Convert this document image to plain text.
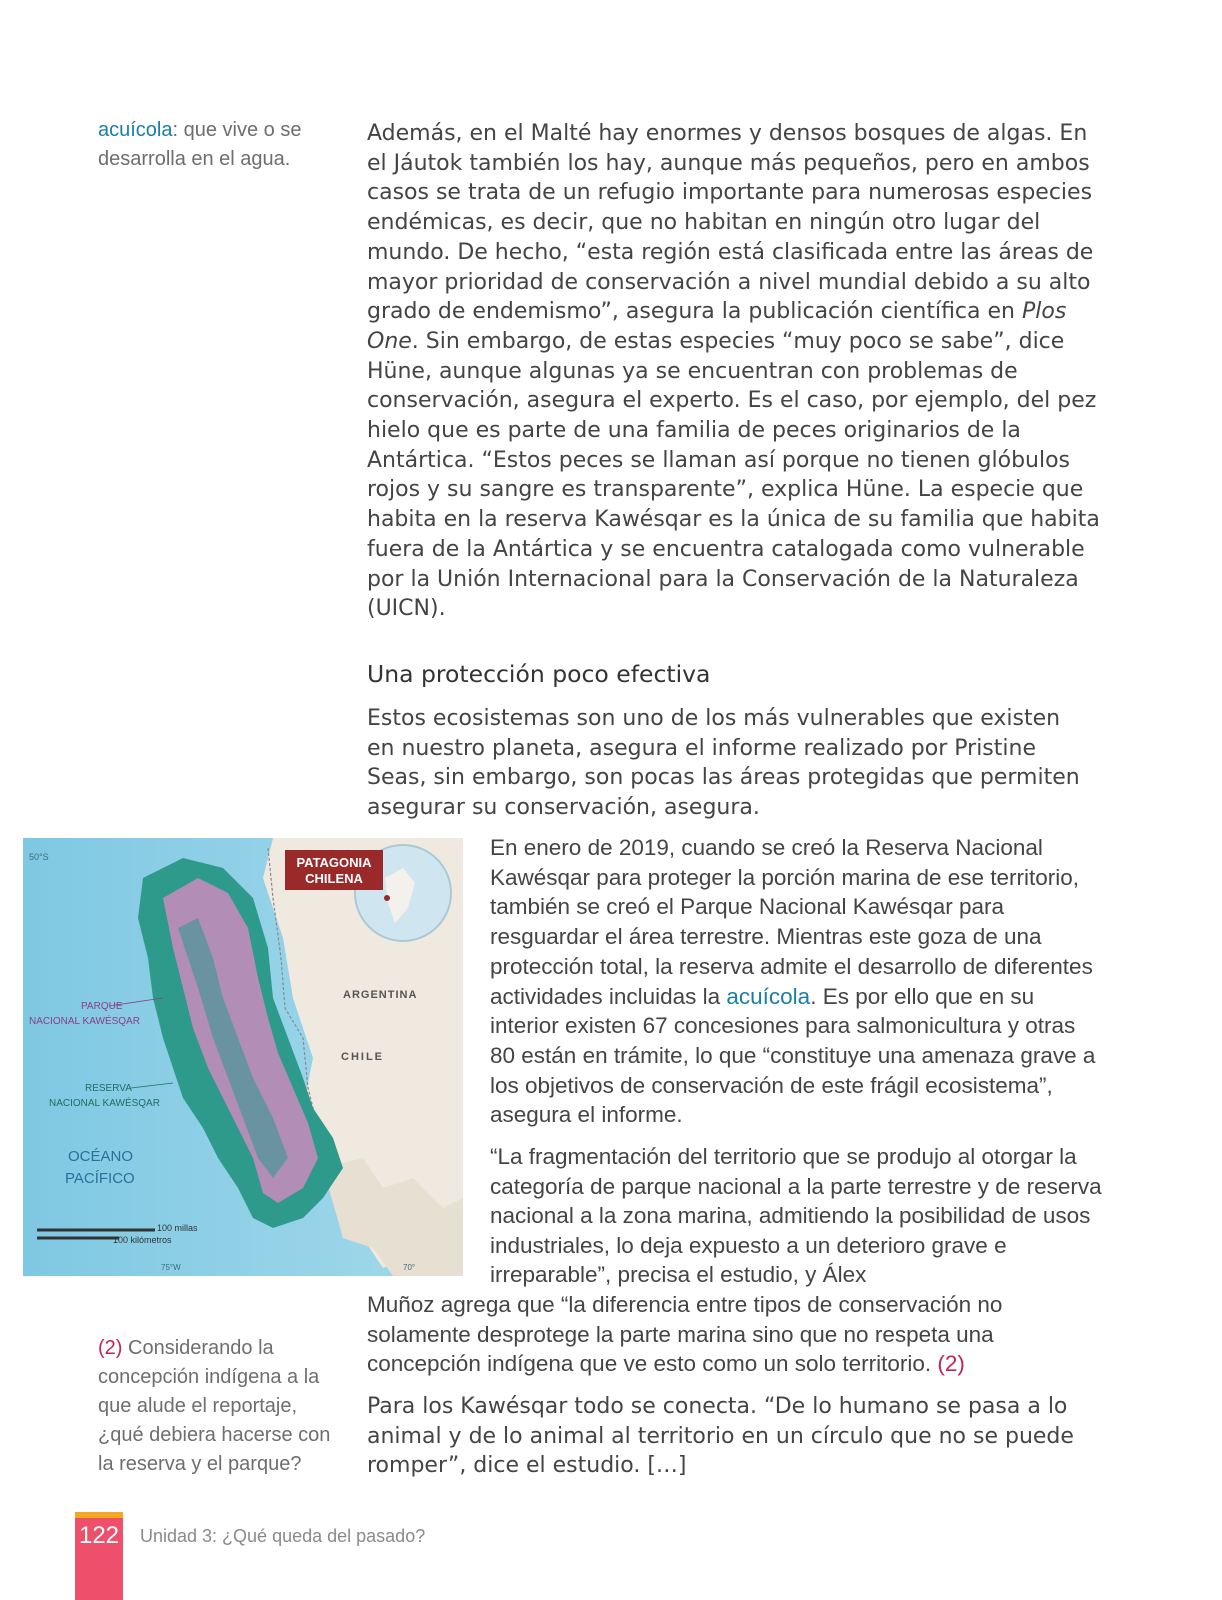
acuícola: que vive o se desarrolla en el agua.
Además, en el Malté hay enormes y densos bosques de algas. En el Jáutok también los hay, aunque más pequeños, pero en ambos casos se trata de un refugio importante para numerosas especies endémicas, es decir, que no habitan en ningún otro lugar del mundo. De hecho, “esta región está clasificada entre las áreas de mayor prioridad de conservación a nivel mundial debido a su alto grado de endemismo”, asegura la publicación científica en Plos One. Sin embargo, de estas especies “muy poco se sabe”, dice Hüne, aunque algunas ya se encuentran con problemas de conservación, asegura el experto. Es el caso, por ejemplo, del pez hielo que es parte de una familia de peces originarios de la Antártica. “Estos peces se llaman así porque no tienen glóbulos rojos y su sangre es transparente”, explica Hüne. La especie que habita en la reserva Kawésqar es la única de su familia que habita fuera de la Antártica y se encuentra catalogada como vulnerable por la Unión Internacional para la Conservación de la Naturaleza (UICN).
Una protección poco efectiva
Estos ecosistemas son uno de los más vulnerables que existen en nuestro planeta, asegura el informe realizado por Pristine Seas, sin embargo, son pocas las áreas protegidas que permiten asegurar su conservación, asegura.
PATAGONIA
CHILENA
50°S
ARGENTINA
CHILE
PARQUE
NACIONAL KAWÉSQAR
RESERVA
NACIONAL KAWÉSQAR
OCÉANO
PACÍFICO
100 millas
100 kilómetros
75°W	70°
En enero de 2019, cuando se creó la Reserva Nacional Kawésqar para proteger la porción marina de ese territorio, también se creó el Parque Nacional Kawésqar para resguardar el área terrestre. Mientras este goza de una protección total, la reserva admite el desarrollo de diferentes actividades incluidas la acuícola. Es por ello que en su interior existen 67 concesiones para salmonicultura y otras 80 están en trámite, lo que “constituye una amenaza grave a los objetivos de conservación de este frágil ecosistema”, asegura el informe.
“La fragmentación del territorio que se produjo al otorgar la categoría de parque nacional a la parte terrestre y de reserva nacional a la zona marina, admitiendo la posibilidad de usos industriales, lo deja expuesto a un deterioro grave e irreparable”, precisa el estudio, y Álex
Muñoz agrega que “la diferencia entre tipos de conservación no solamente desprotege la parte marina sino que no respeta una concepción indígena que ve esto como un solo territorio. (2)
(2) Considerando la concepción indígena a la que alude el reportaje, ¿qué debiera hacerse con la reserva y el parque?
Para los Kawésqar todo se conecta. “De lo humano se pasa a lo animal y de lo animal al territorio en un círculo que no se puede romper”, dice el estudio. […]
122 Unidad 3: ¿Qué queda del pasado?
